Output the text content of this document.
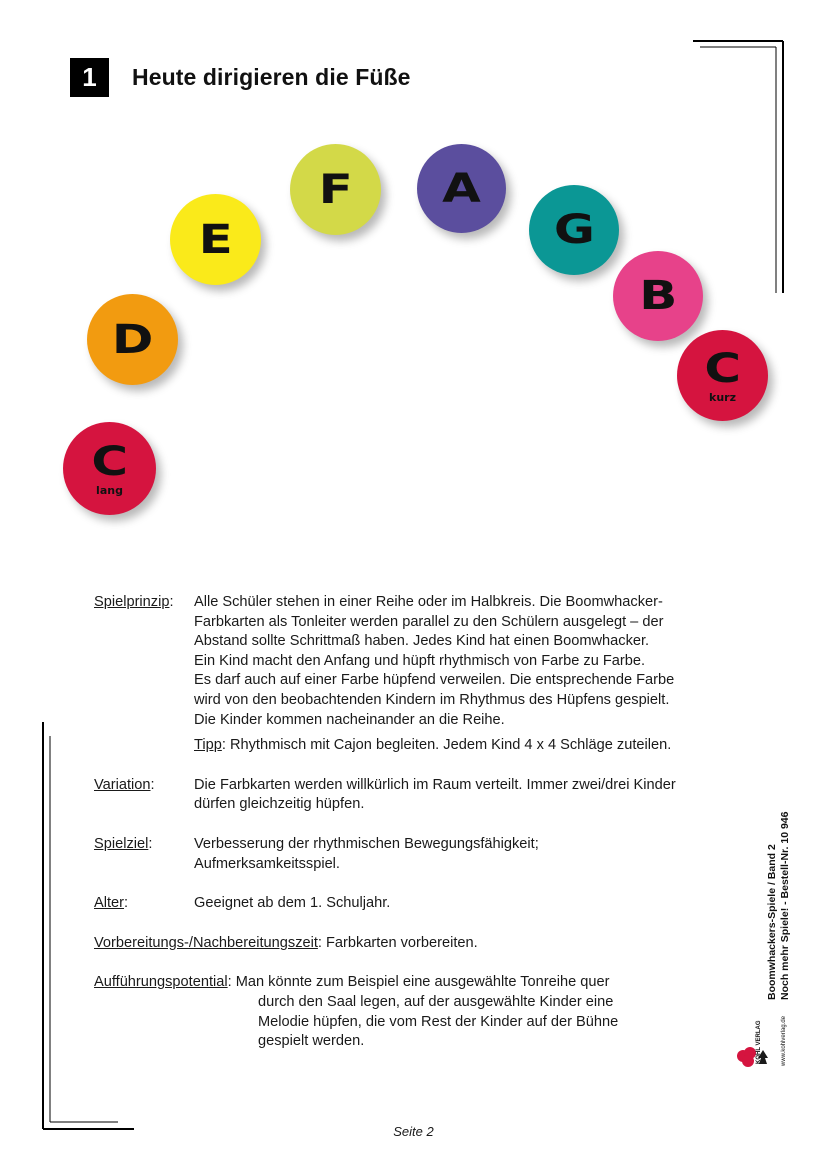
1	Heute dirigieren die Füße
C
lang
D
E
F A
G
B
C
kurz
Spielprinzip:	Alle Schüler stehen in einer Reihe oder im Halbkreis. Die Boomwhacker-
Farbkarten als Tonleiter werden parallel zu den Schülern ausgelegt – der
Abstand sollte Schrittmaß haben. Jedes Kind hat einen Boomwhacker.
Ein Kind macht den Anfang und hüpft rhythmisch von Farbe zu Farbe.
Es darf auch auf einer Farbe hüpfend verweilen. Die entsprechende Farbe
wird von den beobachtenden Kindern im Rhythmus des Hüpfens gespielt.
Die Kinder kommen nacheinander an die Reihe.
Tipp: Rhythmisch mit Cajon begleiten. Jedem Kind 4 x 4 Schläge zuteilen.
Variation:	Die Farbkarten werden willkürlich im Raum verteilt. Immer zwei/drei Kinder
dürfen gleichzeitig hüpfen.
Spielziel:	Verbesserung der rhythmischen Bewegungsfähigkeit;
Aufmerksamkeitsspiel.
Alter:	Geeignet ab dem 1. Schuljahr.
Vorbereitungs-/Nachbereitungszeit: Farbkarten vorbereiten.
Aufführungspotential: Man könnte zum Beispiel eine ausgewählte Tonreihe quer
durch den Saal legen, auf der ausgewählte Kinder eine
Melodie hüpfen, die vom Rest der Kinder auf der Bühne
gespielt werden.
Boomwhackers-Spiele / Band 2 Noch mehr Spiele! - Bestell-Nr. 10 946
KOHL VERLAG	www.kohlverlag.de
Seite 2
